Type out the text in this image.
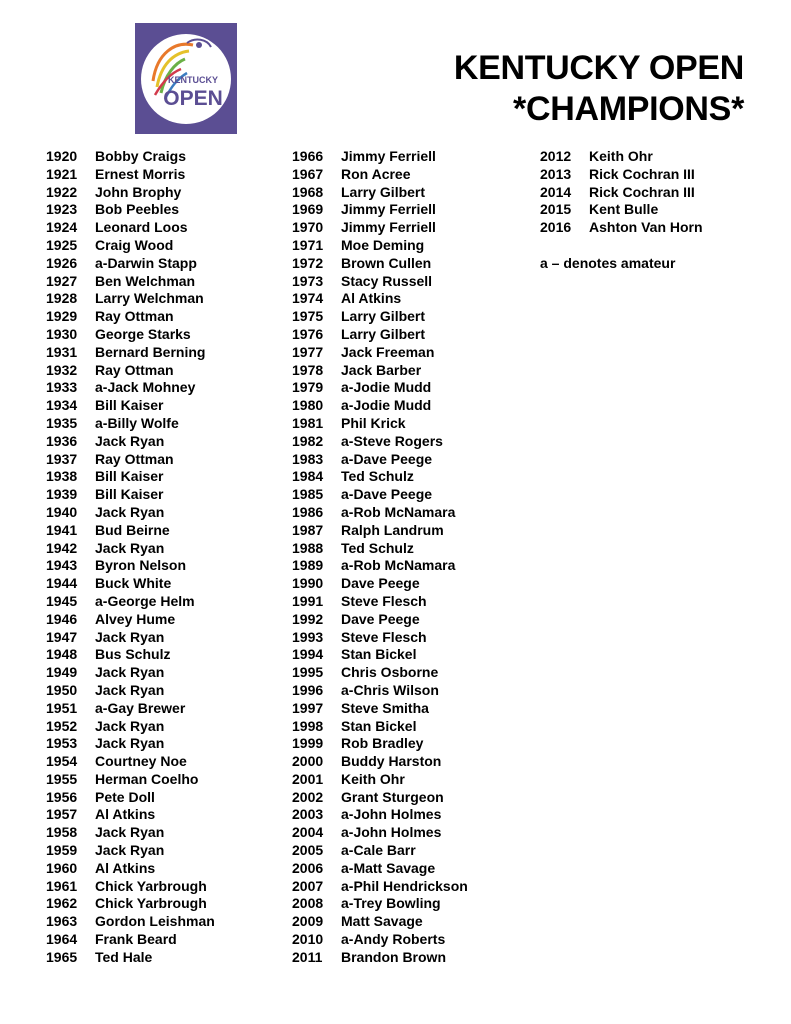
KENTUCKY
OPEN
KENTUCKY OPEN
*CHAMPIONS*
1920 Bobby Craigs
1921 Ernest Morris
1922 John Brophy
1923 Bob Peebles
1924 Leonard Loos
1925 Craig Wood
1926 a-Darwin Stapp
1927 Ben Welchman
1928 Larry Welchman
1929 Ray Ottman
1930 George Starks
1931 Bernard Berning
1932 Ray Ottman
1933 a-Jack Mohney
1934 Bill Kaiser
1935 a-Billy Wolfe
1936 Jack Ryan
1937 Ray Ottman
1938 Bill Kaiser
1939 Bill Kaiser
1940 Jack Ryan
1941 Bud Beirne
1942 Jack Ryan
1943 Byron Nelson
1944 Buck White
1945 a-George Helm
1946 Alvey Hume
1947 Jack Ryan
1948 Bus Schulz
1949 Jack Ryan
1950 Jack Ryan
1951 a-Gay Brewer
1952 Jack Ryan
1953 Jack Ryan
1954 Courtney Noe
1955 Herman Coelho
1956 Pete Doll
1957 Al Atkins
1958 Jack Ryan
1959 Jack Ryan
1960 Al Atkins
1961 Chick Yarbrough
1962 Chick Yarbrough
1963 Gordon Leishman
1964 Frank Beard
1965 Ted Hale
1966 Jimmy Ferriell
1967 Ron Acree
1968 Larry Gilbert
1969 Jimmy Ferriell
1970 Jimmy Ferriell
1971 Moe Deming
1972 Brown Cullen
1973 Stacy Russell
1974 Al Atkins
1975 Larry Gilbert
1976 Larry Gilbert
1977 Jack Freeman
1978 Jack Barber
1979 a-Jodie Mudd
1980 a-Jodie Mudd
1981 Phil Krick
1982 a-Steve Rogers
1983 a-Dave Peege
1984 Ted Schulz
1985 a-Dave Peege
1986 a-Rob McNamara
1987 Ralph Landrum
1988 Ted Schulz
1989 a-Rob McNamara
1990 Dave Peege
1991 Steve Flesch
1992 Dave Peege
1993 Steve Flesch
1994 Stan Bickel
1995 Chris Osborne
1996 a-Chris Wilson
1997 Steve Smitha
1998 Stan Bickel
1999 Rob Bradley
2000 Buddy Harston
2001 Keith Ohr
2002 Grant Sturgeon
2003 a-John Holmes
2004 a-John Holmes
2005 a-Cale Barr
2006 a-Matt Savage
2007 a-Phil Hendrickson
2008 a-Trey Bowling
2009 Matt Savage
2010 a-Andy Roberts
2011 Brandon Brown
2012 Keith Ohr
2013 Rick Cochran III
2014 Rick Cochran III
2015 Kent Bulle
2016 Ashton Van Horn
a – denotes amateur
